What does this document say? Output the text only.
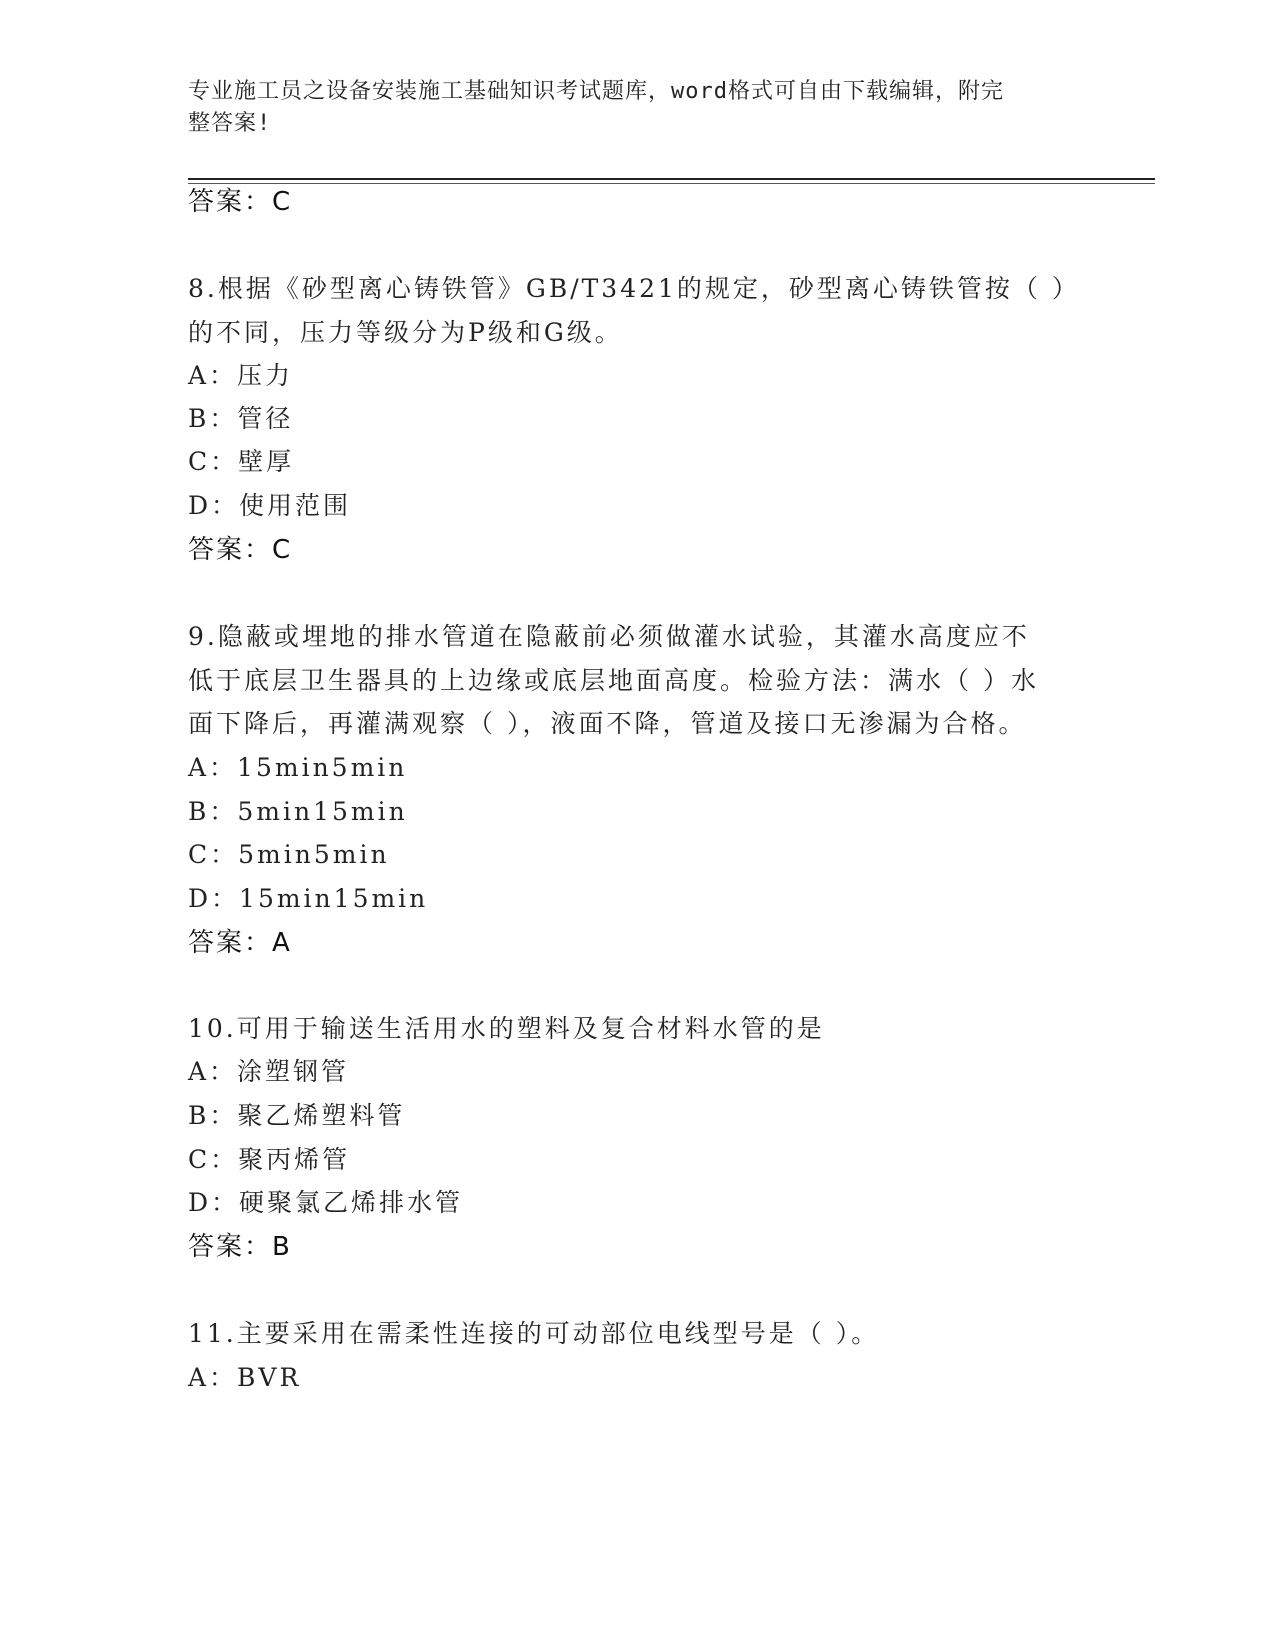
专业施工员之设备安装施工基础知识考试题库，word格式可自由下载编辑，附完
整答案!
答案：C
8.根据《砂型离心铸铁管》GB/T3421的规定，砂型离心铸铁管按（ ）
的不同，压力等级分为P级和G级。
A：压力
B：管径
C：壁厚
D：使用范围
答案：C
9.隐蔽或埋地的排水管道在隐蔽前必须做灌水试验，其灌水高度应不
低于底层卫生器具的上边缘或底层地面高度。检验方法：满水（ ）水
面下降后，再灌满观察（ ），液面不降，管道及接口无渗漏为合格。
A：15min5min
B：5min15min
C：5min5min
D：15min15min
答案：A
10.可用于输送生活用水的塑料及复合材料水管的是
A：涂塑钢管
B：聚乙烯塑料管
C：聚丙烯管
D：硬聚氯乙烯排水管
答案：B
11.主要采用在需柔性连接的可动部位电线型号是（ ）。
A：BVR
